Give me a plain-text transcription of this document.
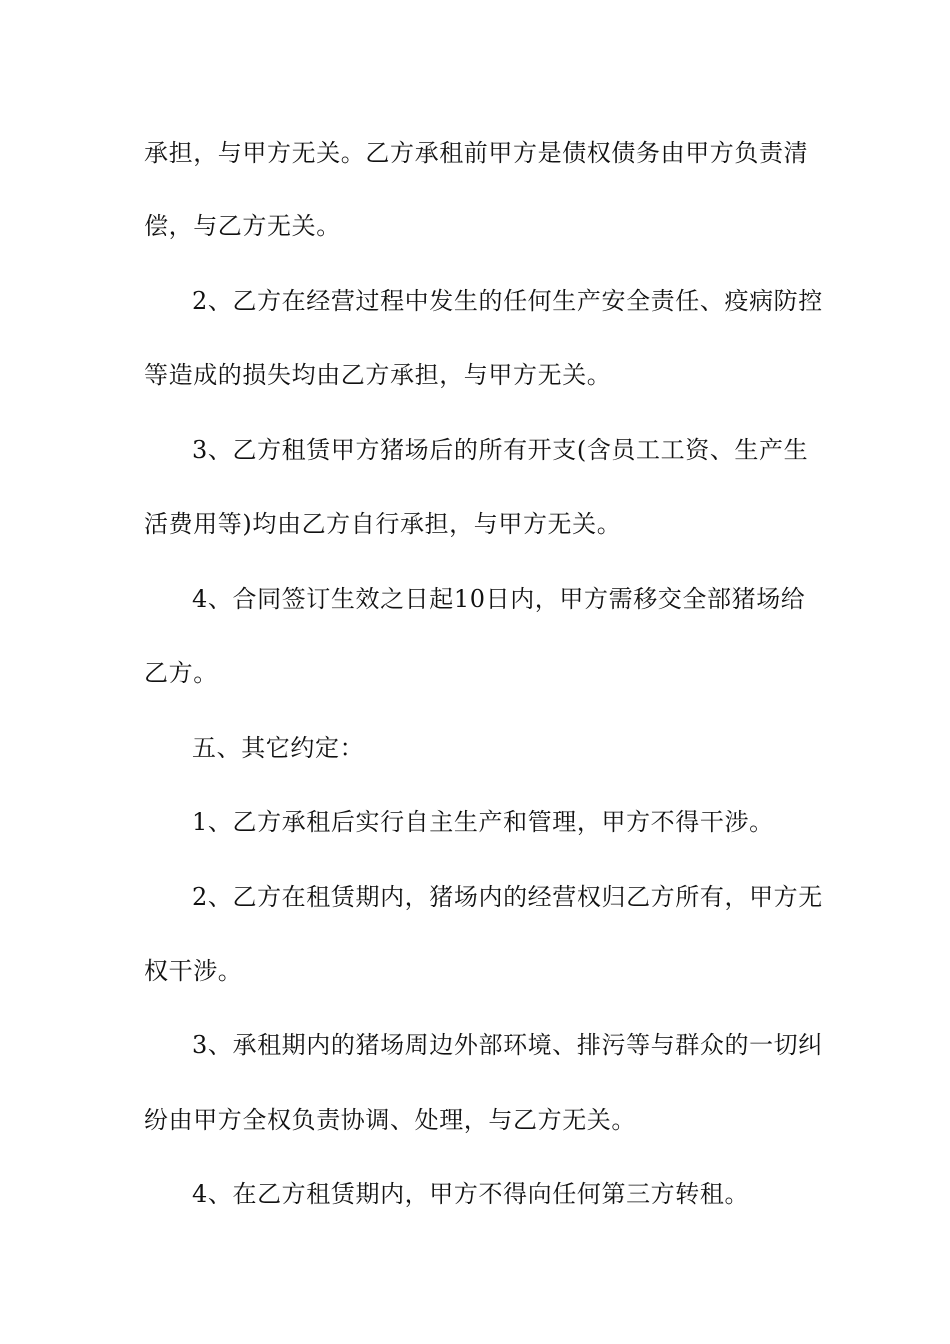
承担，与甲方无关。乙方承租前甲方是债权债务由甲方负责清
偿，与乙方无关。
2、乙方在经营过程中发生的任何生产安全责任、疫病防控
等造成的损失均由乙方承担，与甲方无关。
3、乙方租赁甲方猪场后的所有开支(含员工工资、生产生
活费用等)均由乙方自行承担，与甲方无关。
4、合同签订生效之日起10日内，甲方需移交全部猪场给
乙方。
五、其它约定：
1、乙方承租后实行自主生产和管理，甲方不得干涉。
2、乙方在租赁期内，猪场内的经营权归乙方所有，甲方无
权干涉。
3、承租期内的猪场周边外部环境、排污等与群众的一切纠
纷由甲方全权负责协调、处理，与乙方无关。
4、在乙方租赁期内，甲方不得向任何第三方转租。
